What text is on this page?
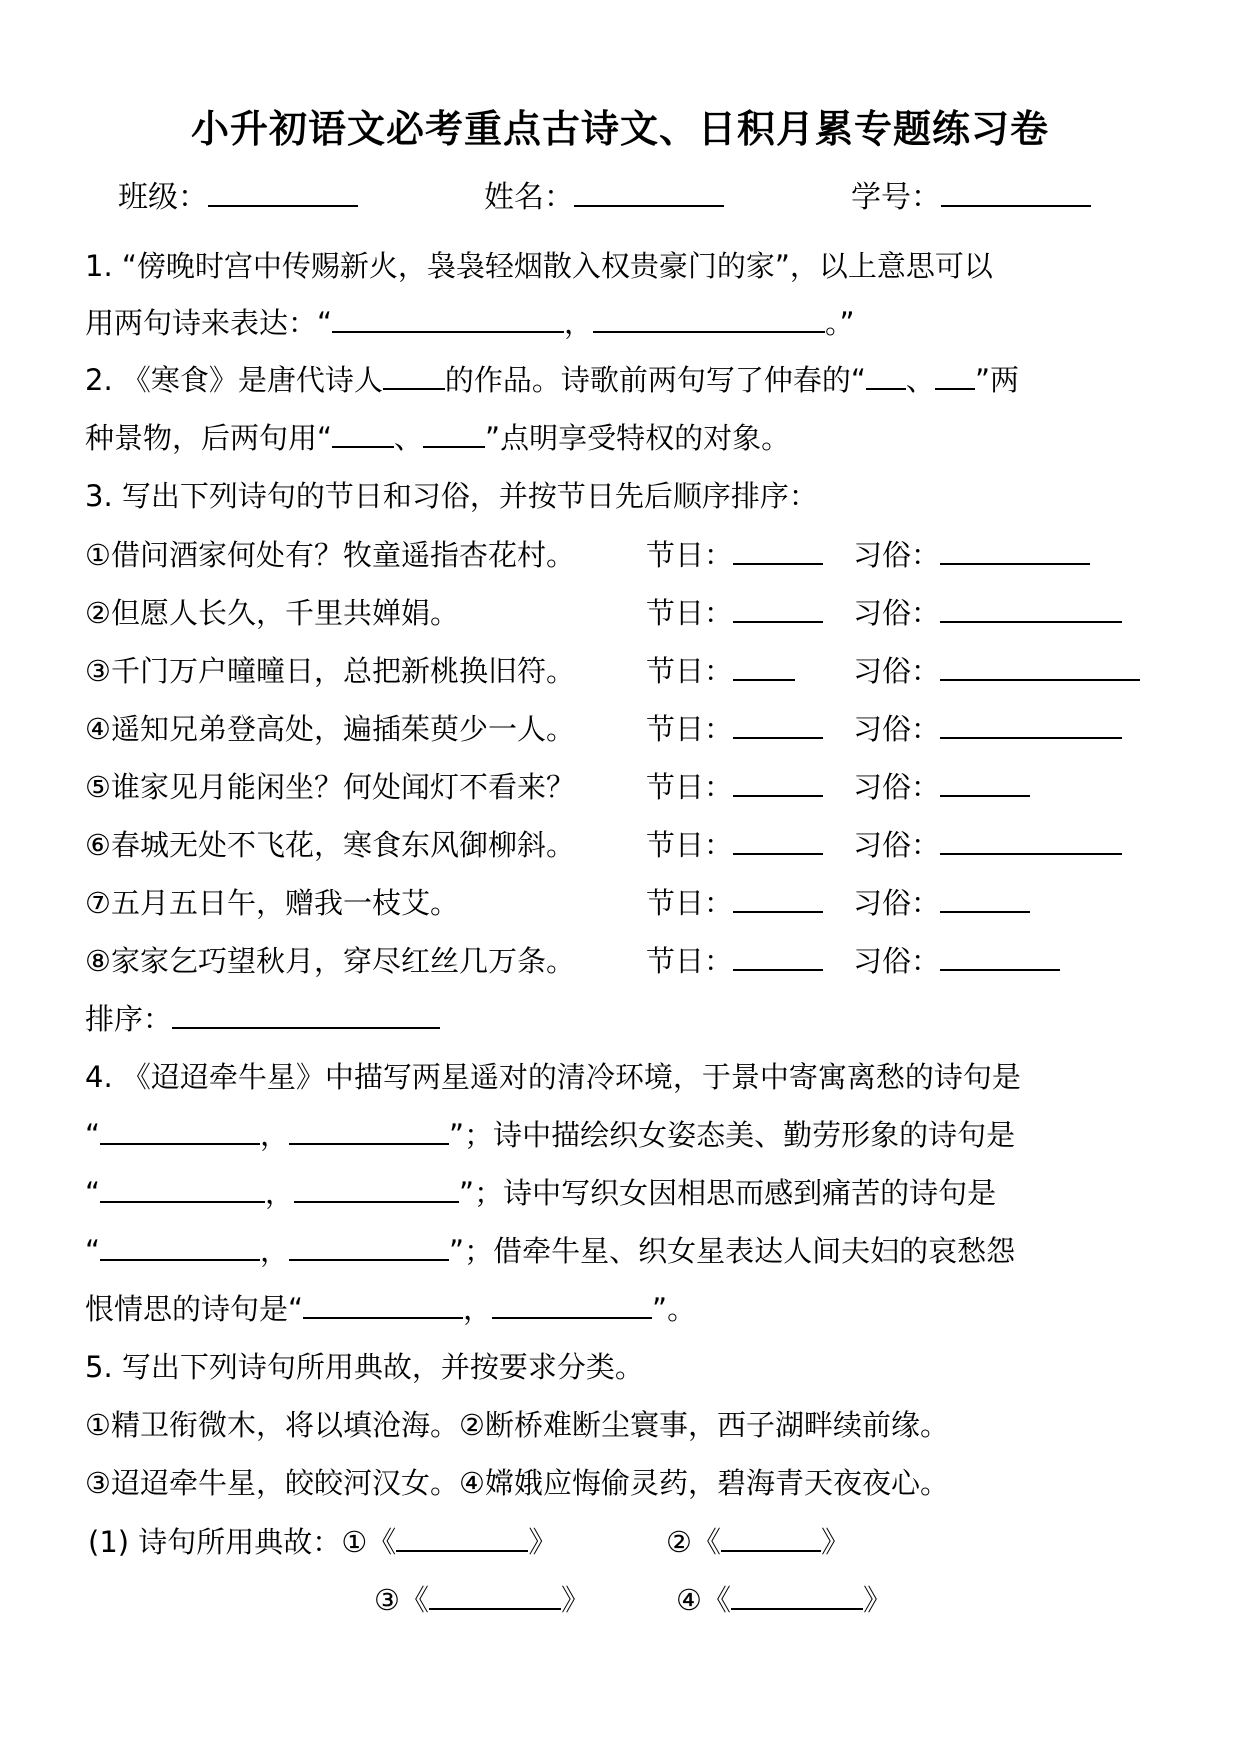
小升初语文必考重点古诗文、日积月累专题练习卷
班级：	姓名：	学号：
1. “傍晚时宫中传赐新火，袅袅轻烟散入权贵豪门的家”，以上意思可以
用两句诗来表达：“	，	。”
2. 《寒食》是唐代诗人 的作品。诗歌前两句写了仲春的“ 、 ”两
种景物，后两句用“ 、 ”点明享受特权的对象。
3. 写出下列诗句的节日和习俗，并按节日先后顺序排序：
①借问酒家何处有？牧童遥指杏花村。 节日：	习俗：
②但愿人长久，千里共婵娟。	节日：	习俗：
③千门万户曈曈日，总把新桃换旧符。 节日：	习俗：
④遥知兄弟登高处，遍插茱萸少一人。 节日：	习俗：
⑤谁家见月能闲坐？何处闻灯不看来？ 节日：	习俗：
⑥春城无处不飞花，寒食东风御柳斜。 节日：	习俗：
⑦五月五日午，赠我一枝艾。	节日：	习俗：
⑧家家乞巧望秋月，穿尽红丝几万条。 节日：	习俗：
排序：
4. 《迢迢牵牛星》中描写两星遥对的清冷环境，于景中寄寓离愁的诗句是
“	，	”；诗中描绘织女姿态美、勤劳形象的诗句是
“	，	”；诗中写织女因相思而感到痛苦的诗句是
“	，	”；借牵牛星、织女星表达人间夫妇的哀愁怨
恨情思的诗句是“	，	”。
5. 写出下列诗句所用典故，并按要求分类。
①精卫衔微木，将以填沧海。②断桥难断尘寰事，西子湖畔续前缘。
③迢迢牵牛星，皎皎河汉女。④嫦娥应悔偷灵药，碧海青天夜夜心。
(1) 诗句所用典故：①《	》	②《	》
③《	》	④《	》
